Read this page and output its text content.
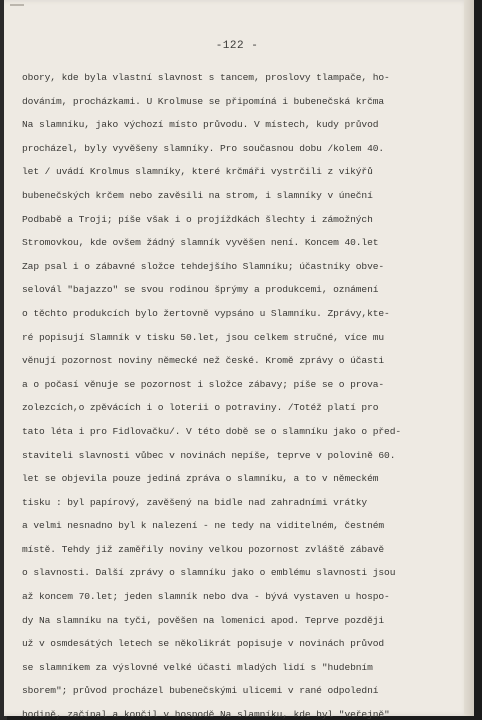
-122 -
obory, kde byla vlastní slavnost s tancem, proslovy tlampače, ho-
dováním, procházkami. U Krolmuse se připomíná i bubenečská krčma
Na slamníku, jako výchozí místo průvodu. V místech, kudy průvod
procházel, byly vyvěšeny slamníky. Pro současnou dobu /kolem 40.
let / uvádí Krolmus slamníky, které krčmáři vystrčili z vikýřů
bubenečských krčem nebo zavěsili na strom, i slamníky v úneční
Podbabě a Troji; píše však i o projíždkách šlechty i zámožných
Stromovkou, kde ovšem žádný slamník vyvěšen není. Koncem 40.let
Zap psal i o zábavné složce tehdejšího Slamníku; účastníky obve-
selovál "bajazzo" se svou rodinou šprýmy a produkcemi, oznámení
o těchto produkcích bylo žertovně vypsáno u Slamníku. Zprávy,kte-
ré popisují Slamník v tisku 50.let, jsou celkem stručné, více mu
věnují pozornost noviny německé než české. Kromě zprávy o účasti
a o počasí věnuje se pozornost i složce zábavy; píše se o prova-
zolezcích,o zpěvácích i o loterii o potraviny. /Totéž platí pro
tato léta i pro Fidlovačku/. V této době se o slamníku jako o před-
staviteli slavnosti vůbec v novinách nepíše, teprve v polovině 60.
let se objevila pouze jediná zpráva o slamníku, a to v německém
tisku : byl papírový, zavěšený na bidle nad zahradními vrátky
a velmi nesnadno byl k nalezení - ne tedy na viditelném, čestném
místě. Tehdy již zaměřily noviny velkou pozornost zvláště zábavě
o slavnosti. Další zprávy o slamníku jako o emblému slavnosti jsou
až koncem 70.let; jeden slamník nebo dva - bývá vystaven u hospo-
dy Na slamníku na tyči, pověšen na lomenici apod. Teprve později
už v osmdesátých letech se několikrát popisuje v novinách průvod
se slamníkem za výslovné velké účasti mladých lidí s "hudebním
sborem"; průvod procházel bubenečskými ulicemi v rané odpolední
hodině, začínal a končil v hospodě Na slamníku, kde byl "veřejně"
